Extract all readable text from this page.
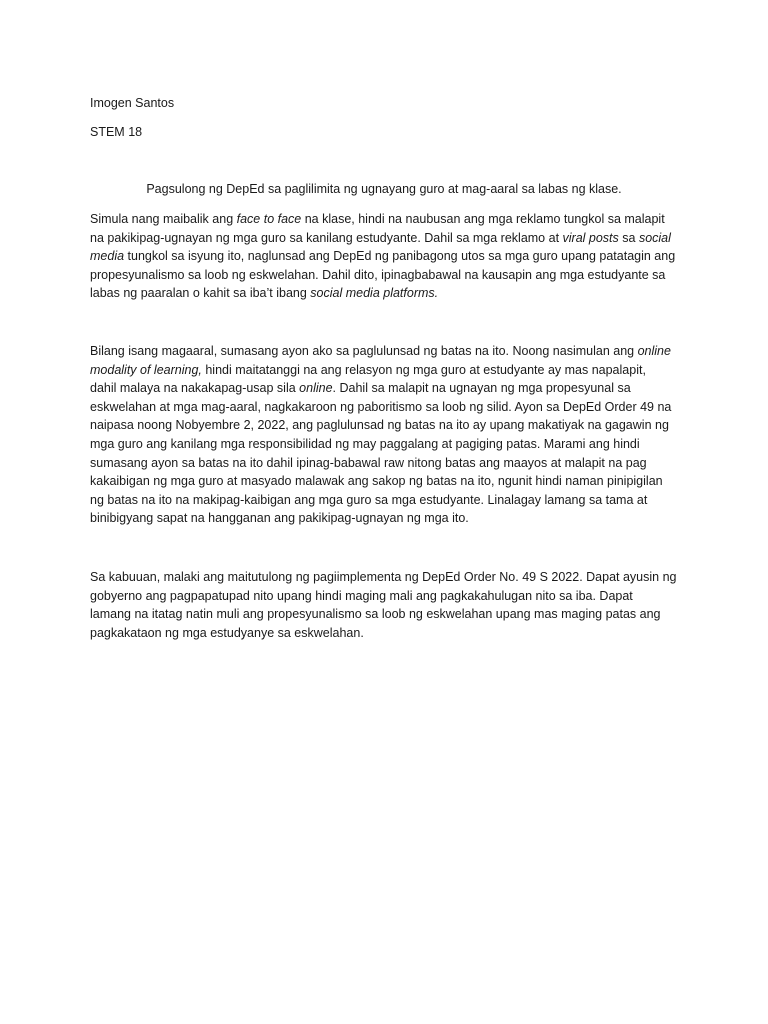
Imogen Santos
STEM 18
Pagsulong ng DepEd sa paglilimita ng ugnayang guro at mag-aaral sa labas ng klase.

Simula nang maibalik ang face to face na klase, hindi na naubusan ang mga reklamo tungkol sa malapit
na pakikipag-ugnayan ng mga guro sa kanilang estudyante. Dahil sa mga reklamo at viral posts sa social
media tungkol sa isyung ito, naglunsad ang DepEd ng panibagong utos sa mga guro upang patatagin ang
propesyunalismo sa loob ng eskwelahan. Dahil dito, ipinagbabawal na kausapin ang mga estudyante sa
labas ng paaralan o kahit sa iba’t ibang social media platforms.

Bilang isang magaaral, sumasang ayon ako sa paglulunsad ng batas na ito. Noong nasimulan ang online
modality of learning, hindi maitatanggi na ang relasyon ng mga guro at estudyante ay mas napalapit,
dahil malaya na nakakapag-usap sila online. Dahil sa malapit na ugnayan ng mga propesyunal sa
eskwelahan at mga mag-aaral, nagkakaroon ng paboritismo sa loob ng silid. Ayon sa DepEd Order 49 na
naipasa noong Nobyembre 2, 2022, ang paglulunsad ng batas na ito ay upang makatiyak na gagawin ng
mga guro ang kanilang mga responsibilidad ng may paggalang at pagiging patas. Marami ang hindi
sumasang ayon sa batas na ito dahil ipinag-babawal raw nitong batas ang maayos at malapit na pag
kakaibigan ng mga guro at masyado malawak ang sakop ng batas na ito, ngunit hindi naman pinipigilan
ng batas na ito na makipag-kaibigan ang mga guro sa mga estudyante. Linalagay lamang sa tama at
binibigyang sapat na hangganan ang pakikipag-ugnayan ng mga ito.

Sa kabuuan, malaki ang maitutulong ng pagiimplementa ng DepEd Order No. 49 S 2022. Dapat ayusin ng
gobyerno ang pagpapatupad nito upang hindi maging mali ang pagkakahulugan nito sa iba. Dapat
lamang na itatag natin muli ang propesyunalismo sa loob ng eskwelahan upang mas maging patas ang
pagkakataon ng mga estudyanye sa eskwelahan.
